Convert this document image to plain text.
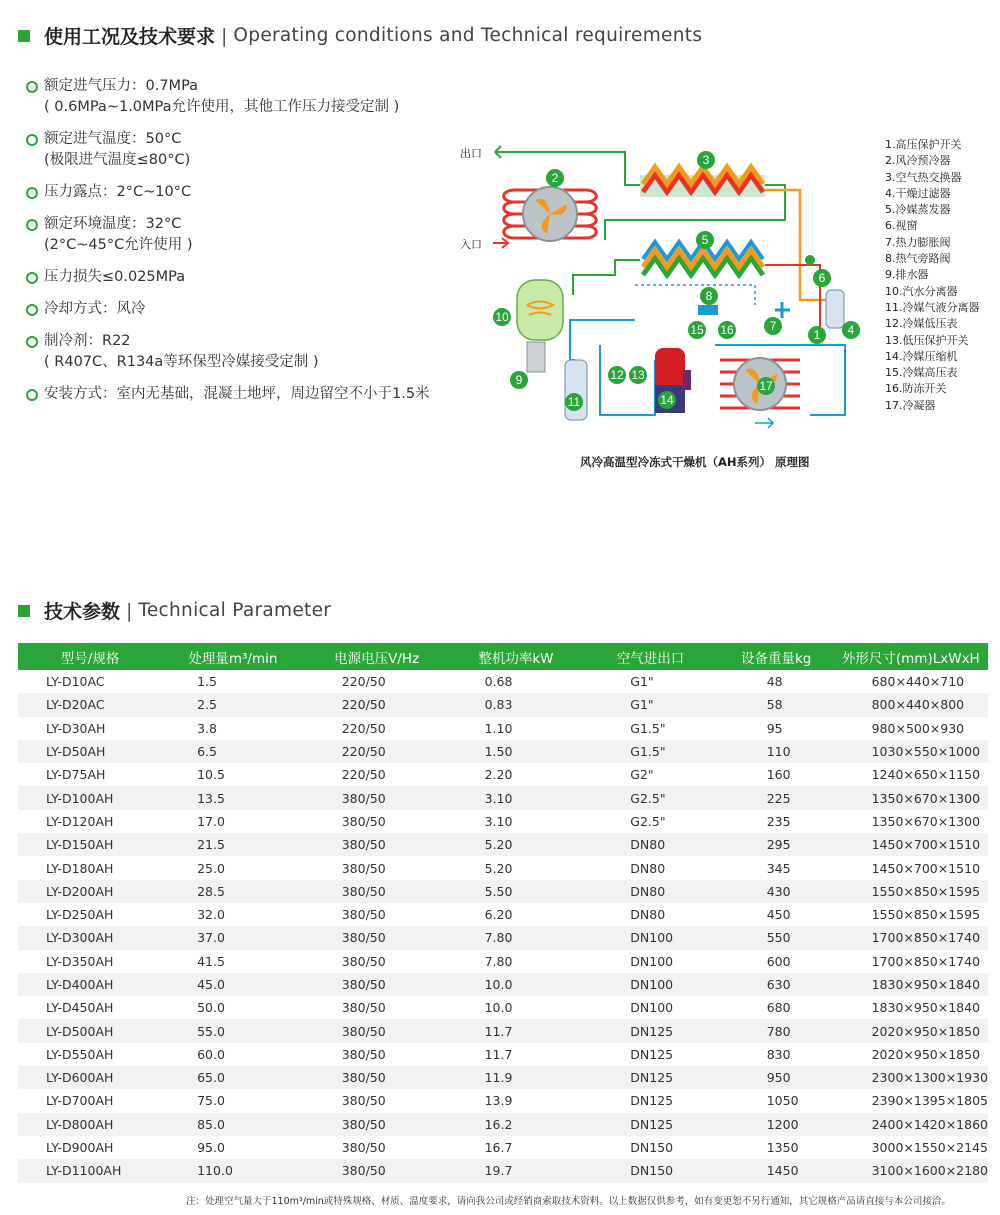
使用工况及技术要求 | Operating conditions and Technical requirements
额定进气压力：0.7MPa
( 0.6MPa~1.0MPa允许使用，其他工作压力接受定制 )
额定进气温度：50°C
(极限进气温度≤80°C)
压力露点：2°C~10°C
额定环境温度：32°C
(2°C~45°C允许使用 )
压力损失≤0.025MPa
冷却方式：风冷
制冷剂：R22
( R407C、R134a等环保型冷媒接受定制 )
安装方式：室内无基础，混凝土地坪，周边留空不小于1.5米
出口
入口
1
2
3
4
5
6
7
8
9
10
11
12 13
14
15 16
17
1.高压保护开关
2.风冷预冷器
3.空气热交换器
4.干燥过滤器
5.冷媒蒸发器
6.视窗
7.热力膨胀阀
8.热气旁路阀
9.排水器
10.汽水分离器
11.冷媒气液分离器
12.冷媒低压表
13.低压保护开关
14.冷媒压缩机
15.冷媒高压表
16.防冻开关
17.冷凝器
风冷高温型冷冻式干燥机（AH系列） 原理图
技术参数 | Technical Parameter
型号/规格	处理量m³/min	电源电压V/Hz	整机功率kW	空气进出口	设备重量kg	外形尺寸(mm)LxWxH
LY-D10AC	1.5	220/50	0.68	G1"	48	680×440×710
LY-D20AC	2.5	220/50	0.83	G1"	58	800×440×800
LY-D30AH	3.8	220/50	1.10	G1.5"	95	980×500×930
LY-D50AH	6.5	220/50	1.50	G1.5"	110	1030×550×1000
LY-D75AH	10.5	220/50	2.20	G2"	160	1240×650×1150
LY-D100AH	13.5	380/50	3.10	G2.5"	225	1350×670×1300
LY-D120AH	17.0	380/50	3.10	G2.5"	235	1350×670×1300
LY-D150AH	21.5	380/50	5.20	DN80	295	1450×700×1510
LY-D180AH	25.0	380/50	5.20	DN80	345	1450×700×1510
LY-D200AH	28.5	380/50	5.50	DN80	430	1550×850×1595
LY-D250AH	32.0	380/50	6.20	DN80	450	1550×850×1595
LY-D300AH	37.0	380/50	7.80	DN100	550	1700×850×1740
LY-D350AH	41.5	380/50	7.80	DN100	600	1700×850×1740
LY-D400AH	45.0	380/50	10.0	DN100	630	1830×950×1840
LY-D450AH	50.0	380/50	10.0	DN100	680	1830×950×1840
LY-D500AH	55.0	380/50	11.7	DN125	780	2020×950×1850
LY-D550AH	60.0	380/50	11.7	DN125	830	2020×950×1850
LY-D600AH	65.0	380/50	11.9	DN125	950	2300×1300×1930
LY-D700AH	75.0	380/50	13.9	DN125	1050	2390×1395×1805
LY-D800AH	85.0	380/50	16.2	DN125	1200	2400×1420×1860
LY-D900AH	95.0	380/50	16.7	DN150	1350	3000×1550×2145
LY-D1100AH	110.0	380/50	19.7	DN150	1450	3100×1600×2180
注：处理空气量大于110m³/min或特殊规格、材质、温度要求，请向我公司或经销商索取技术资料。以上数据仅供参考，如有变更恕不另行通知，其它规格产品请直接与本公司接洽。
